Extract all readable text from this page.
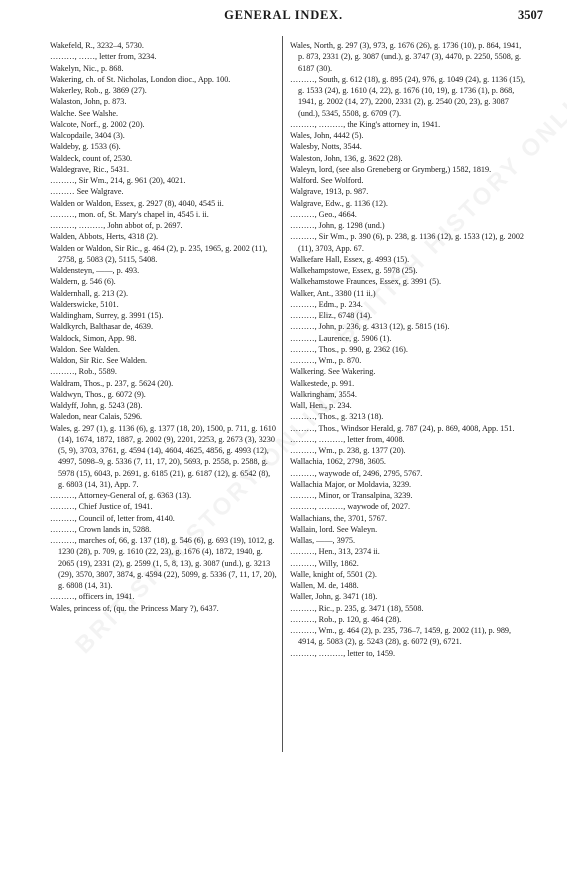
GENERAL INDEX.	3507

Wakefeld, R., 3232–4, 5730.

………, ……, letter from, 3234.

Wakelyn, Nic., p. 868.

Wakering, ch. of St. Nicholas, London dioc., App. 100.

Wakerley, Rob., g. 3869 (27).

Walaston, John, p. 873.

Walche. See Walshe.

Walcote, Norf., g. 2002 (20).

Walcopdaile, 3404 (3).

Waldeby, g. 1533 (6).

Waldeck, count of, 2530.

Waldegrave, Ric., 5431.

………, Sir Wm., 214, g. 961 (20), 4021.

……… See Walgrave.

Walden or Waldon, Essex, g. 2927 (8), 4040, 4545 ii.

………, mon. of, St. Mary's chapel in, 4545 i. ii.

………, ………, John abbot of, p. 2697.

Walden, Abbots, Herts, 4318 (2).

Walden or Waldon, Sir Ric., g. 464 (2), p. 235, 1965, g. 2002 (11), 2758, g. 5083 (2), 5115, 5408.

Waldensteyn, ——, p. 493.

Waldern, g. 546 (6).

Waldernhall, g. 213 (2).

Walderswicke, 5101.

Waldingham, Surrey, g. 3991 (15).

Waldkyrch, Balthasar de, 4639.

Waldock, Simon, App. 98.

Waldon. See Walden.

Waldon, Sir Ric. See Walden.

………, Rob., 5589.

Waldram, Thos., p. 237, g. 5624 (20).

Waldwyn, Thos., g. 6072 (9).

Waldyff, John, g. 5243 (28).

Waledon, near Calais, 5296.

Wales, g. 297 (1), g. 1136 (6), g. 1377 (18, 20), 1500, p. 711, g. 1610 (14), 1674, 1872, 1887, g. 2002 (9), 2201, 2253, g. 2673 (3), 3230 (5, 9), 3703, 3761, g. 4594 (14), 4604, 4625, 4856, g. 4993 (12), 4997, 5098–9, g. 5336 (7, 11, 17, 20), 5693, p. 2558, p. 2588, g. 5978 (15), 6043, p. 2691, g. 6185 (21), g. 6187 (12), g. 6542 (8), g. 6803 (14, 31), App. 7.

………, Attorney-General of, g. 6363 (13).

………, Chief Justice of, 1941.

………, Council of, letter from, 4140.

………, Crown lands in, 5288.

………, marches of, 66, g. 137 (18), g. 546 (6), g. 693 (19), 1012, g. 1230 (28), p. 709, g. 1610 (22, 23), g. 1676 (4), 1872, 1940, g. 2065 (19), 2331 (2), g. 2599 (1, 5, 8, 13), g. 3087 (und.), g. 3213 (29), 3570, 3807, 3874, g. 4594 (22), 5099, g. 5336 (7, 11, 17, 20), g. 6808 (14, 31).

………, officers in, 1941.

Wales, princess of, (qu. the Princess Mary ?), 6437.

Wales, North, g. 297 (3), 973, g. 1676 (26), g. 1736 (10), p. 864, 1941, p. 873, 2331 (2), g. 3087 (und.), g. 3747 (3), 4470, p. 2250, 5508, g. 6187 (30).

………, South, g. 612 (18), g. 895 (24), 976, g. 1049 (24), g. 1136 (15), g. 1533 (24), g. 1610 (4, 22), g. 1676 (10, 19), g. 1736 (1), p. 868, 1941, g. 2002 (14, 27), 2200, 2331 (2), g. 2540 (20, 23), g. 3087 (und.), 5345, 5508, g. 6709 (7).

………, ………, the King's attorney in, 1941.

Wales, John, 4442 (5).

Walesby, Notts, 3544.

Waleston, John, 136, g. 3622 (28).

Waleyn, lord, (see also Greneberg or Grymberg,) 1582, 1819.

Walford. See Wolford.

Walgrave, 1913, p. 987.

Walgrave, Edw., g. 1136 (12).

………, Geo., 4664.

………, John, g. 1298 (und.)

………, Sir Wm., p. 390 (6), p. 238, g. 1136 (12), g. 1533 (12), g. 2002 (11), 3703, App. 67.

Walkefare Hall, Essex, g. 4993 (15).

Walkehampstowe, Essex, g. 5978 (25).

Walkehamstowe Fraunces, Essex, g. 3991 (5).

Walker, Ant., 3380 (11 ii.)

………, Edm., p. 234.

………, Eliz., 6748 (14).

………, John, p. 236, g. 4313 (12), g. 5815 (16).

………, Laurence, g. 5906 (1).

………, Thos., p. 990, g. 2362 (16).

………, Wm., p. 870.

Walkering. See Wakering.

Walkestede, p. 991.

Walkringham, 3554.

Wall, Hen., p. 234.

………, Thos., g. 3213 (18).

………, Thos., Windsor Herald, g. 787 (24), p. 869, 4008, App. 151.

………, ………, letter from, 4008.

………, Wm., p. 238, g. 1377 (20).

Wallachia, 1062, 2798, 3605.

………, waywode of, 2496, 2795, 5767.

Wallachia Major, or Moldavia, 3239.

………, Minor, or Transalpina, 3239.

………, ………, waywode of, 2027.

Wallachians, the, 3701, 5767.

Wallain, lord. See Waleyn.

Wallas, ——, 3975.

………, Hen., 313, 2374 ii.

………, Willy, 1862.

Walle, knight of, 5501 (2).

Wallen, M. de, 1488.

Waller, John, g. 3471 (18).

………, Ric., p. 235, g. 3471 (18), 5508.

………, Rob., p. 120, g. 464 (28).

………, Wm., g. 464 (2), p. 235, 736–7, 1459, g. 2002 (11), p. 989, 4914, g. 5083 (2), g. 5243 (28), g. 6072 (9), 6721.

………, ………, letter to, 1459.
